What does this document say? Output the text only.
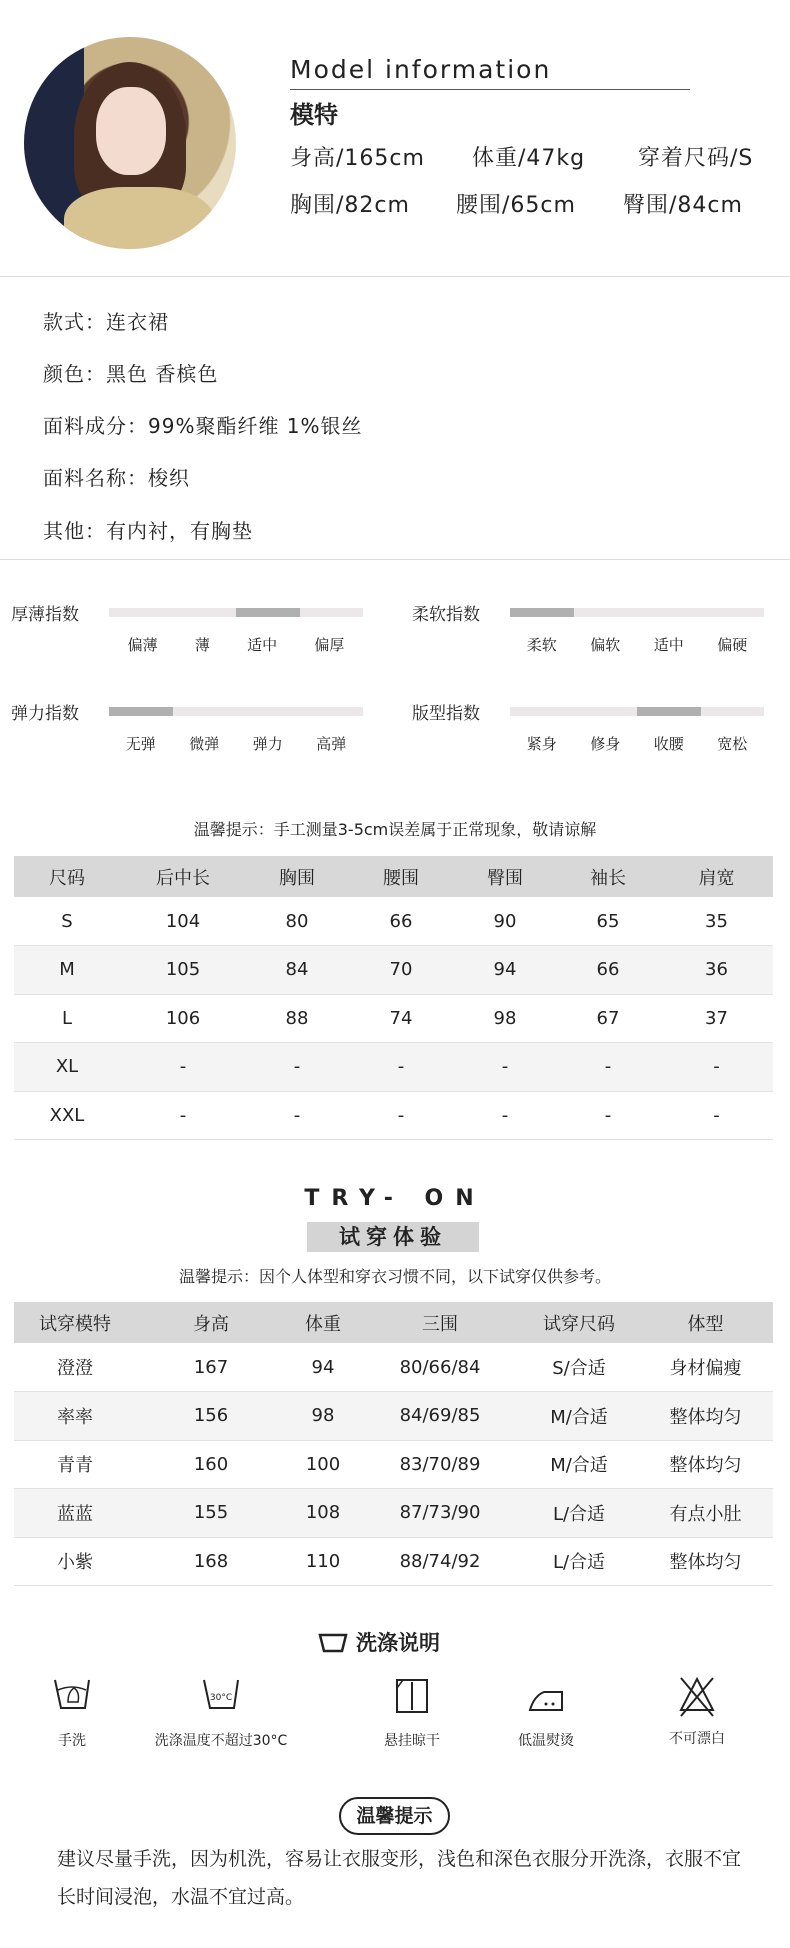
Model information
模特
身高/165cm 体重/47kg 穿着尺码/S
胸围/82cm 腰围/65cm 臀围/84cm
款式：连衣裙
颜色：黑色 香槟色
面料成分：99%聚酯纤维 1%银丝
面料名称：梭织
其他：有内衬，有胸垫
厚薄指数
偏薄 薄 适中 偏厚
柔软指数
柔软 偏软 适中 偏硬
弹力指数
无弹 微弹 弹力 高弹
版型指数
紧身 修身 收腰 宽松
温馨提示：手工测量3-5cm误差属于正常现象，敬请谅解
尺码	后中长	胸围	腰围	臀围	袖长	肩宽
S	104	80	66	90	65	35
M	105	84	70	94	66	36
L	106	88	74	98	67	37
XL	-	-	-	-	-	-
XXL	-	-	-	-	-	-
TRY- ON
试穿体验
温馨提示：因个人体型和穿衣习惯不同，以下试穿仅供参考。
试穿模特	身高	体重	三围	试穿尺码	体型
澄澄	167	94	80/66/84	S/合适	身材偏瘦
率率	156	98	84/69/85	M/合适	整体均匀
青青	160	100	83/70/89	M/合适	整体均匀
蓝蓝	155	108	87/73/90	L/合适	有点小肚
小紫	168	110	88/74/92	L/合适	整体均匀
洗涤说明
手洗
30°C
洗涤温度不超过30°C	悬挂晾干	低温熨烫	不可漂白
温馨提示
建议尽量手洗，因为机洗，容易让衣服变形，浅色和深色衣服分开洗涤，衣服不宜长时间浸泡，水温不宜过高。
